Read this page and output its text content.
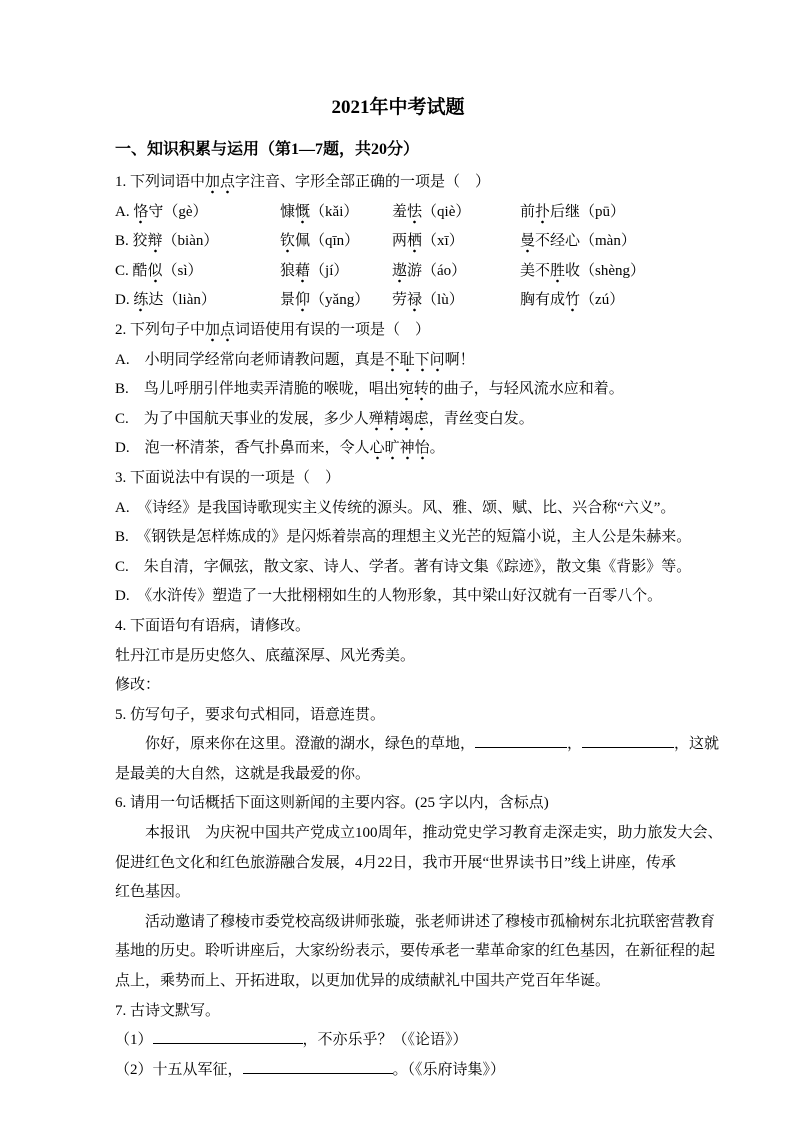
2021年中考试题
一、知识积累与运用（第1—7题，共20分）
1. 下列词语中加点字注音、字形全部正确的一项是（　）
A. 恪守（gè）	慷慨（kǎi）	羞怯（qiè）	前扑后继（pū）
B. 狡辩（biàn）	钦佩（qīn）	两栖（xī）	曼不经心（màn）
C. 酷似（sì）	狼藉（jí）	遨游（áo）	美不胜收（shèng）
D. 练达（liàn）	景仰（yǎng）	劳禄（lù）	胸有成竹（zú）
2. 下列句子中加点词语使用有误的一项是（　）
A.　小明同学经常向老师请教问题，真是不耻下问啊！
B.　鸟儿呼朋引伴地卖弄清脆的喉咙，唱出宛转的曲子，与轻风流水应和着。
C.　为了中国航天事业的发展，多少人殚精竭虑，青丝变白发。
D.　泡一杯清茶，香气扑鼻而来，令人心旷神怡。
3. 下面说法中有误的一项是（　）
A.　《诗经》是我国诗歌现实主义传统的源头。风、雅、颂、赋、比、兴合称“六义”。
B.　《钢铁是怎样炼成的》是闪烁着崇高的理想主义光芒的短篇小说，主人公是朱赫来。
C.　朱自清，字佩弦，散文家、诗人、学者。著有诗文集《踪迹》，散文集《背影》等。
D.　《水浒传》塑造了一大批栩栩如生的人物形象，其中梁山好汉就有一百零八个。
4. 下面语句有语病，请修改。
牡丹江市是历史悠久、底蕴深厚、风光秀美。
修改：
5. 仿写句子，要求句式相同，语意连贯。
　　你好，原来你在这里。澄澈的湖水，绿色的草地，	，	，这就
是最美的大自然，这就是我最爱的你。
6. 请用一句话概括下面这则新闻的主要内容。(25 字以内，含标点)
　　本报讯　为庆祝中国共产党成立100周年，推动党史学习教育走深走实，助力旅发大会、
促进红色文化和红色旅游融合发展，4月22日，我市开展“世界读书日”线上讲座，传承
红色基因。
　　活动邀请了穆棱市委党校高级讲师张璇，张老师讲述了穆棱市孤榆树东北抗联密营教育
基地的历史。聆听讲座后，大家纷纷表示，要传承老一辈革命家的红色基因，在新征程的起
点上，乘势而上、开拓进取，以更加优异的成绩献礼中国共产党百年华诞。
7. 古诗文默写。
（1）	，不亦乐乎？（《论语》）
（2）十五从军征，	。（《乐府诗集》）
